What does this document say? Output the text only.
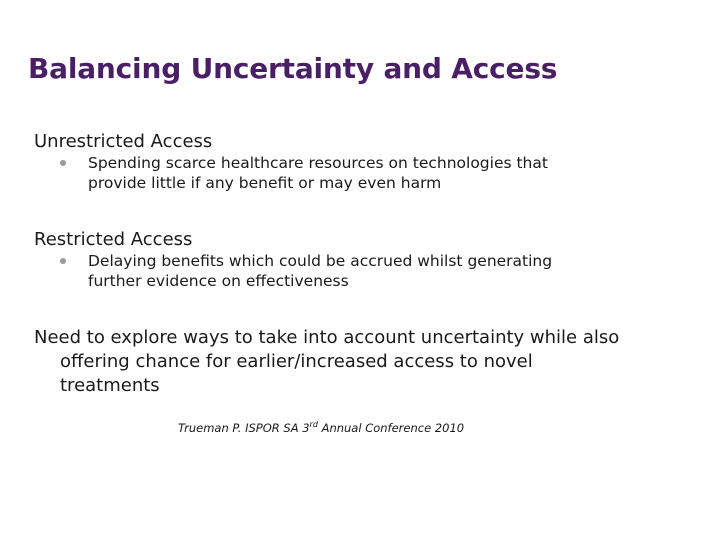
Balancing Uncertainty and Access
Unrestricted Access
Spending scarce healthcare resources on technologies that provide little if any benefit or may even harm
Restricted Access
Delaying benefits which could be accrued whilst generating further evidence on effectiveness
Need to explore ways to take into account uncertainty while also offering chance for earlier/increased access to novel treatments
Trueman P. ISPOR SA 3rd Annual Conference 2010
